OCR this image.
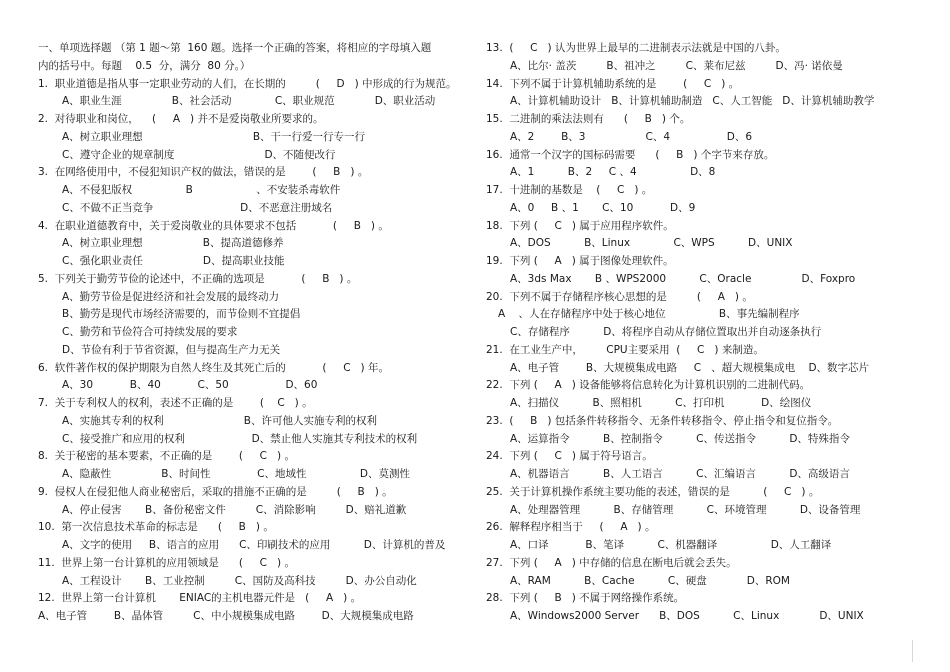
一、单项选择题 （第 1 题～第  160 题。选择一个正确的答案，将相应的字母填入题
内的括号中。每题    0.5  分，满分  80 分。）
1.  职业道德是指从事一定职业劳动的人们，在长期的         (     D   ) 中形成的行为规范。
A、职业生涯               B、社会活动             C、职业规范            D、职业活动
2.  对待职业和岗位，    (     A   ) 并不是爱岗敬业所要求的。
A、树立职业理想                                 B、干一行爱一行专一行
C、遵守企业的规章制度                           D、不随便改行
3.  在网络使用中，不侵犯知识产权的做法，错误的是        (     B   ) 。
A、不侵犯版权                B                   、不安装杀毒软件
C、不做不正当竞争                          D、不恶意注册域名
4.  在职业道德教育中，关于爱岗敬业的具体要求不包括           (     B   ) 。
A、树立职业理想                  B、提高道德修养
C、强化职业责任                  D、提高职业技能
5.  下列关于勤劳节俭的论述中，不正确的选项是           (     B   ) 。
A、勤劳节俭是促进经济和社会发展的最终动力
B、勤劳是现代市场经济需要的，而节俭则不宜提倡
C、勤劳和节俭符合可持续发展的要求
D、节俭有利于节省资源，但与提高生产力无关
6.  软件著作权的保护期限为自然人终生及其死亡后的           (     C   ) 年。
A、30           B、40           C、50                 D、60
7.  关于专利权人的权利，表述不正确的是        (    C   ) 。
A、实施其专利的权利                        B、许可他人实施专利的权利
C、接受推广和应用的权利                    D、禁止他人实施其专利技术的权利
8.  关于秘密的基本要素，不正确的是        (     C   ) 。
A、隐蔽性               B、时间性              C、地域性                D、莫测性
9.  侵权人在侵犯他人商业秘密后，采取的措施不正确的是         (     B   ) 。
A、停止侵害       B、备份秘密文件         C、消除影响         D、赔礼道歉
10.  第一次信息技术革命的标志是      (     B   ) 。
A、文字的使用     B、语言的应用      C、印刷技术的应用          D、计算机的普及
11.  世界上第一台计算机的应用领域是      (     C   ) 。
A、工程设计       B、工业控制         C、国防及高科技         D、办公自动化
12.  世界上第一台计算机       ENIAC的主机电器元件是   (     A   ) 。
A、电子管        B、晶体管         C、中小规模集成电路        D、大规模集成电路
13.  (     C   ) 认为世界上最早的二进制表示法就是中国的八卦。
A、比尔· 盖茨         B、祖冲之         C、莱布尼兹         D、冯· 诺依曼
14.  下列不属于计算机辅助系统的是        (     C   ) 。
A、计算机辅助设计   B、计算机辅助制造   C、人工智能   D、计算机辅助教学
15.  二进制的乘法法则有      (     B   ) 个。
A、2        B、3                  C、4                 D、6
16.  通常一个汉字的国标码需要      (     B   ) 个字节来存放。
A、1          B、2     C 、4                D、8
17.  十进制的基数是    (     C   ) 。
A、0     B 、1       C、10           D、9
18.  下列 (     C   ) 属于应用程序软件。
A、DOS          B、Linux             C、WPS          D、UNIX
19.  下列 (     A   ) 属于图像处理软件。
A、3ds Max       B 、WPS2000          C、Oracle               D、Foxpro
20.  下列不属于存储程序核心思想的是         (     A   ) 。
A    、人在存储程序中处于核心地位                B、事先编制程序
C、存储程序          D、将程序自动从存储位置取出并自动逐条执行
21.  在工业生产中，       CPU主要采用  (     C   ) 来制造。
A、电子管        B、大规模集成电路     C   、超大规模集成电    D、数字芯片
22.  下列 (     A   ) 设备能够将信息转化为计算机识别的二进制代码。
A、扫描仪          B、照相机          C、打印机           D、绘图仪
23.  (     B   ) 包括条件转移指令、无条件转移指令、停止指令和复位指令。
A、运算指令          B、控制指令          C、传送指令          D、特殊指令
24.  下列 (     C   ) 属于符号语言。
A、机器语言          B、人工语言          C、汇编语言          D、高级语言
25.  关于计算机操作系统主要功能的表述，错误的是          (     C   ) 。
A、处理器管理          B、存储管理          C、环境管理          D、设备管理
26.  解释程序相当于     (     A   ) 。
A、口译           B、笔译          C、机器翻译                D、人工翻译
27.  下列 (     A   ) 中存储的信息在断电后就会丢失。
A、RAM          B、Cache          C、硬盘            D、ROM
28.  下列 (     B   ) 不属于网络操作系统。
A、Windows2000 Server      B、DOS          C、Linux            D、UNIX
